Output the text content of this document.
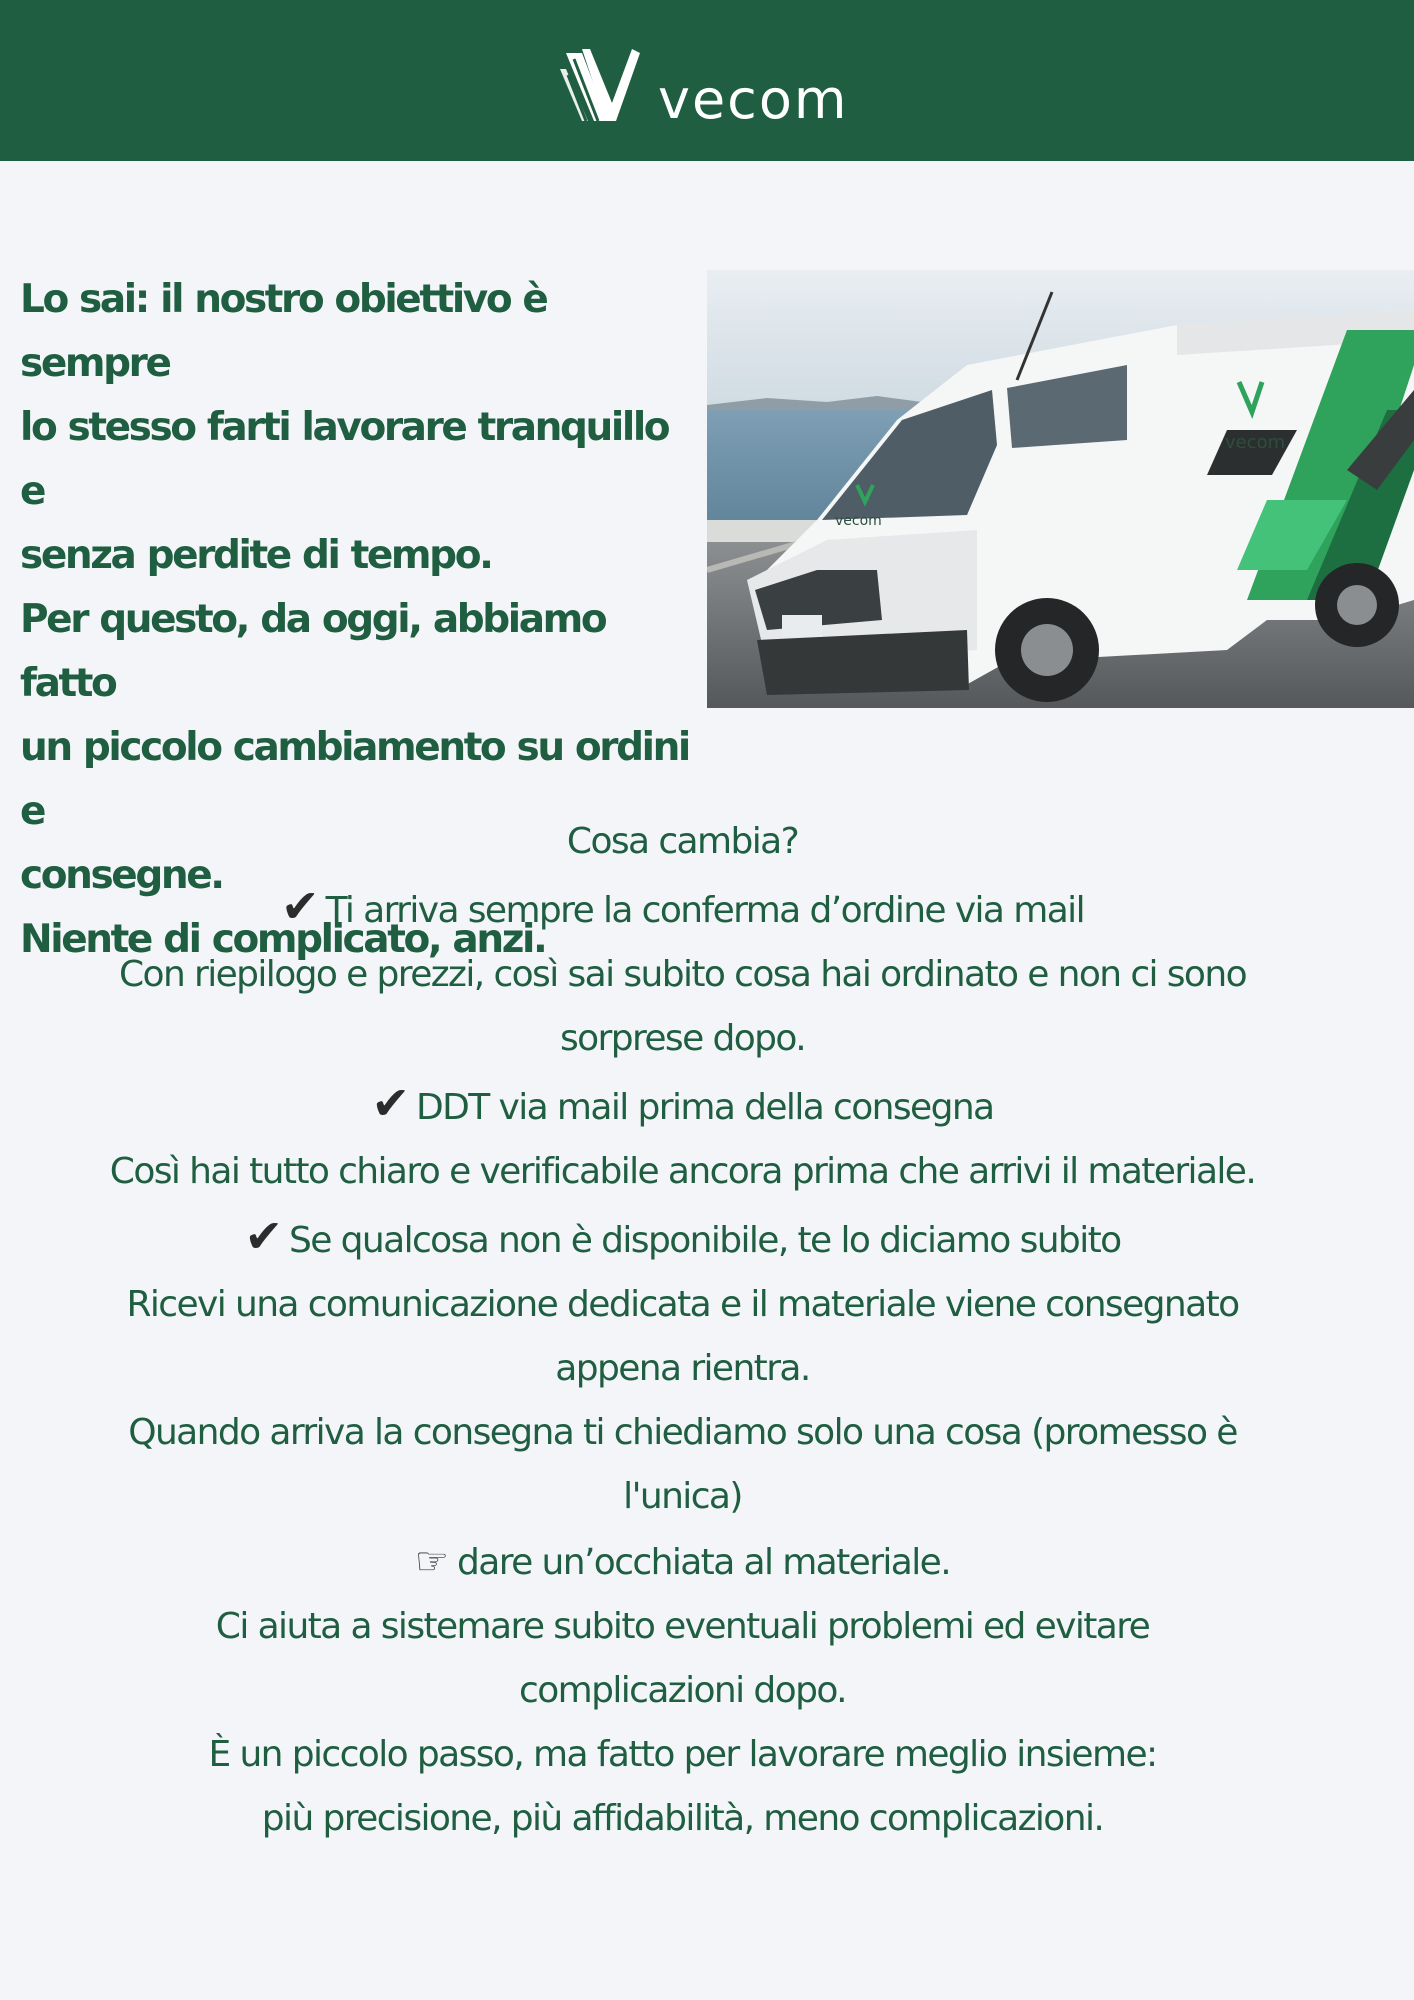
vecom

Lo sai: il nostro obiettivo è sempre

lo stesso farti lavorare tranquillo e

senza perdite di tempo.

Per questo, da oggi, abbiamo fatto

un piccolo cambiamento su ordini e

consegne.

Niente di complicato, anzi.

vecom
vecom

Cosa cambia?

✔ Ti arriva sempre la conferma d’ordine via mail

Con riepilogo e prezzi, così sai subito cosa hai ordinato e non ci sono

sorprese dopo.

✔ DDT via mail prima della consegna

Così hai tutto chiaro e verificabile ancora prima che arrivi il materiale.

✔ Se qualcosa non è disponibile, te lo diciamo subito

Ricevi una comunicazione dedicata e il materiale viene consegnato

appena rientra.

Quando arriva la consegna ti chiediamo solo una cosa (promesso è

l'unica)

☞ dare un’occhiata al materiale.

Ci aiuta a sistemare subito eventuali problemi ed evitare

complicazioni dopo.

È un piccolo passo, ma fatto per lavorare meglio insieme:

più precisione, più affidabilità, meno complicazioni.
